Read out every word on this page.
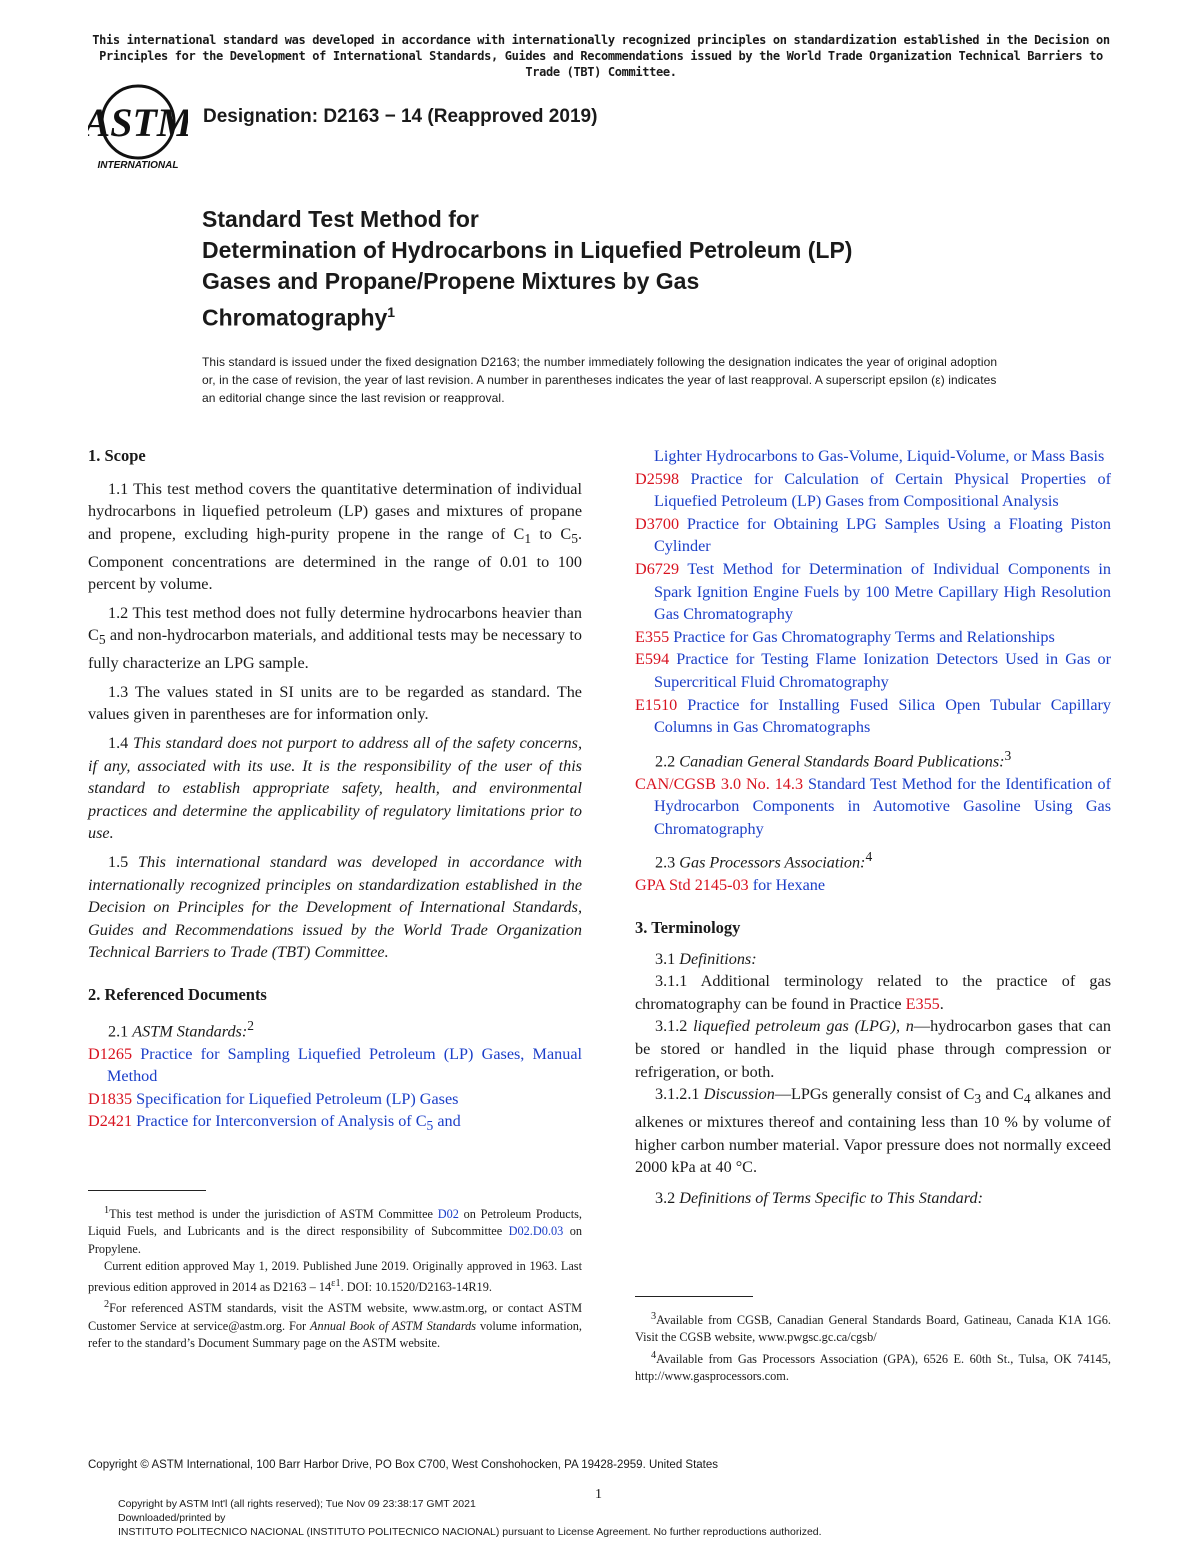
This international standard was developed in accordance with internationally recognized principles on standardization established in the Decision on Principles for the Development of International Standards, Guides and Recommendations issued by the World Trade Organization Technical Barriers to Trade (TBT) Committee.
ASTM
INTERNATIONAL
Designation: D2163 − 14 (Reapproved 2019)
Standard Test Method for
Determination of Hydrocarbons in Liquefied Petroleum (LP)
Gases and Propane/Propene Mixtures by Gas
Chromatography$^1$
This standard is issued under the fixed designation D2163; the number immediately following the designation indicates the year of original adoption or, in the case of revision, the year of last revision. A number in parentheses indicates the year of last reapproval. A superscript epsilon (ε) indicates an editorial change since the last revision or reapproval.

1. Scope

1.1 This test method covers the quantitative determination of individual hydrocarbons in liquefied petroleum (LP) gases and mixtures of propane and propene, excluding high-purity propene in the range of $C_1$ to $C_5$. Component concentrations are determined in the range of 0.01 to 100 percent by volume.

1.2 This test method does not fully determine hydrocarbons heavier than $C_5$ and non-hydrocarbon materials, and additional tests may be necessary to fully characterize an LPG sample.

1.3 The values stated in SI units are to be regarded as standard. The values given in parentheses are for information only.

1.4 This standard does not purport to address all of the safety concerns, if any, associated with its use. It is the responsibility of the user of this standard to establish appropriate safety, health, and environmental practices and determine the applicability of regulatory limitations prior to use.

1.5 This international standard was developed in accordance with internationally recognized principles on standardization established in the Decision on Principles for the Development of International Standards, Guides and Recommendations issued by the World Trade Organization Technical Barriers to Trade (TBT) Committee.

2. Referenced Documents

2.1 ASTM Standards:$^2$

D1265 Practice for Sampling Liquefied Petroleum (LP) Gases, Manual Method

D1835 Specification for Liquefied Petroleum (LP) Gases

D2421 Practice for Interconversion of Analysis of $C_5$ and

$^1$This test method is under the jurisdiction of ASTM Committee D02 on Petroleum Products, Liquid Fuels, and Lubricants and is the direct responsibility of Subcommittee D02.D0.03 on Propylene.
Current edition approved May 1, 2019. Published June 2019. Originally approved in 1963. Last previous edition approved in 2014 as $D2163 - 14^{\varepsilon 1}$. DOI: 10.1520/D2163-14R19.
$^2$For referenced ASTM standards, visit the ASTM website, www.astm.org, or contact ASTM Customer Service at service@astm.org. For Annual Book of ASTM Standards volume information, refer to the standard’s Document Summary page on the ASTM website.

Lighter Hydrocarbons to Gas-Volume, Liquid-Volume, or Mass Basis

D2598 Practice for Calculation of Certain Physical Properties of Liquefied Petroleum (LP) Gases from Compositional Analysis

D3700 Practice for Obtaining LPG Samples Using a Floating Piston Cylinder

D6729 Test Method for Determination of Individual Components in Spark Ignition Engine Fuels by 100 Metre Capillary High Resolution Gas Chromatography

E355 Practice for Gas Chromatography Terms and Relationships

E594 Practice for Testing Flame Ionization Detectors Used in Gas or Supercritical Fluid Chromatography

E1510 Practice for Installing Fused Silica Open Tubular Capillary Columns in Gas Chromatographs

2.2 Canadian General Standards Board Publications:$^3$

CAN/CGSB 3.0 No. 14.3 Standard Test Method for the Identification of Hydrocarbon Components in Automotive Gasoline Using Gas Chromatography

2.3 Gas Processors Association:$^4$

GPA Std 2145-03 for Hexane

3. Terminology

3.1 Definitions:

3.1.1 Additional terminology related to the practice of gas chromatography can be found in Practice E355.

3.1.2 liquefied petroleum gas (LPG), n—hydrocarbon gases that can be stored or handled in the liquid phase through compression or refrigeration, or both.

3.1.2.1 Discussion—LPGs generally consist of $C_3$ and $C_4$ alkanes and alkenes or mixtures thereof and containing less than 10 % by volume of higher carbon number material. Vapor pressure does not normally exceed 2000 kPa at 40 °C.

3.2 Definitions of Terms Specific to This Standard:

$^3$Available from CGSB, Canadian General Standards Board, Gatineau, Canada K1A 1G6. Visit the CGSB website, www.pwgsc.gc.ca/cgsb/
$^4$Available from Gas Processors Association (GPA), 6526 E. 60th St., Tulsa, OK 74145, http://www.gasprocessors.com.
Copyright © ASTM International, 100 Barr Harbor Drive, PO Box C700, West Conshohocken, PA 19428-2959. United States
1
Copyright by ASTM Int'l (all rights reserved); Tue Nov 09 23:38:17 GMT 2021
Downloaded/printed by
INSTITUTO POLITECNICO NACIONAL (INSTITUTO POLITECNICO NACIONAL) pursuant to License Agreement. No further reproductions authorized.
